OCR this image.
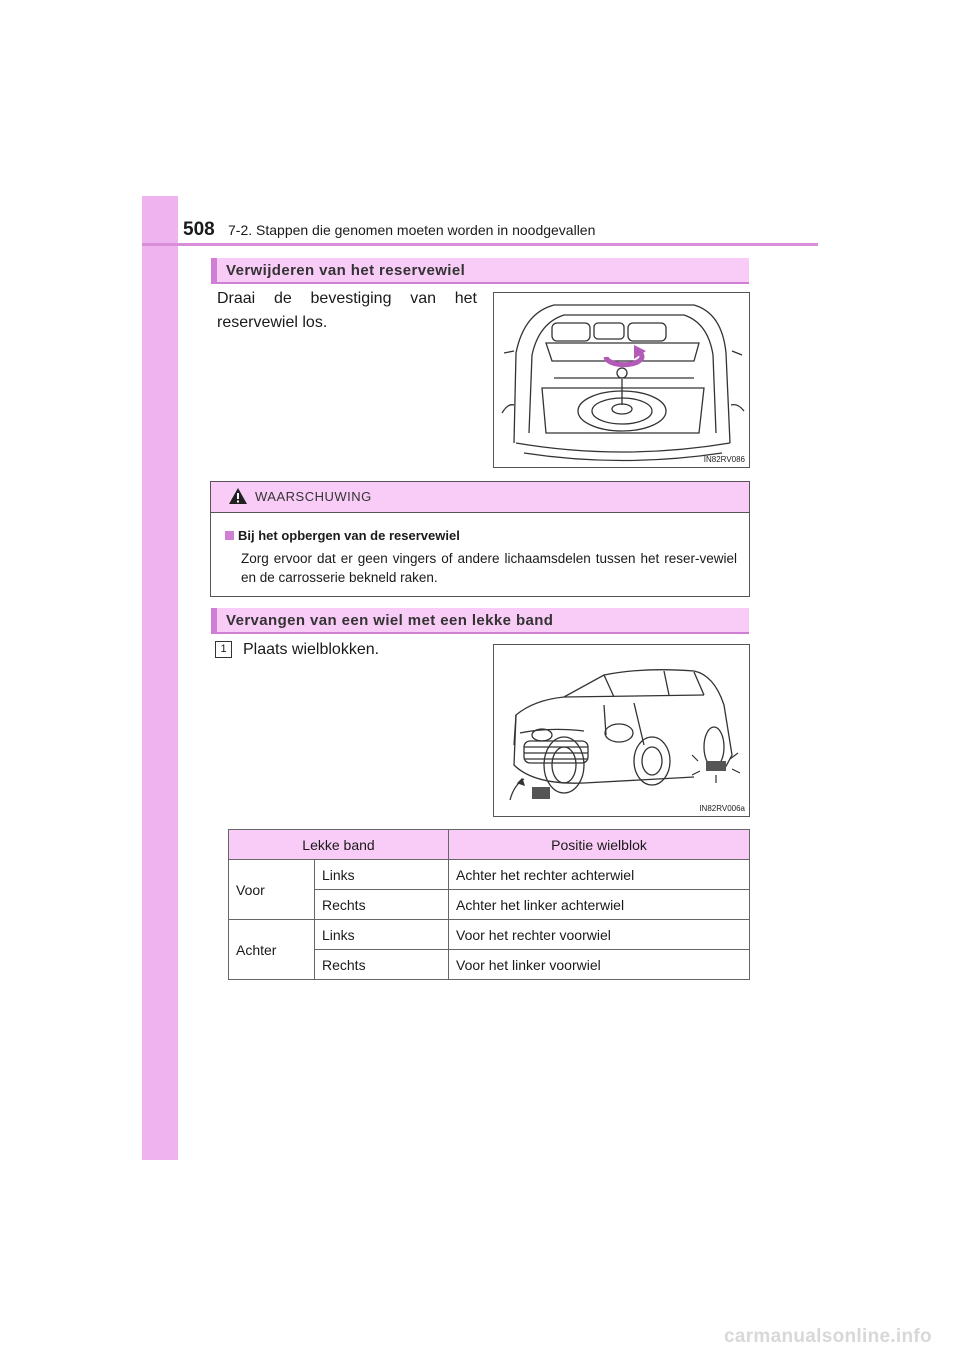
508 7-2. Stappen die genomen moeten worden in noodgevallen
Verwijderen van het reservewiel
Draai de bevestiging van het reservewiel los.
IN82RV086
WAARSCHUWING
Bij het opbergen van de reservewiel
Zorg ervoor dat er geen vingers of andere lichaamsdelen tussen het reser-vewiel en de carrosserie bekneld raken.
Vervangen van een wiel met een lekke band
1	Plaats wielblokken.
IN82RV006a
Lekke band		Positie wielblok
Voor	Links	Achter het rechter achterwiel
	Rechts	Achter het linker achterwiel
Achter	Links	Voor het rechter voorwiel
	Rechts	Voor het linker voorwiel
carmanualsonline.info
